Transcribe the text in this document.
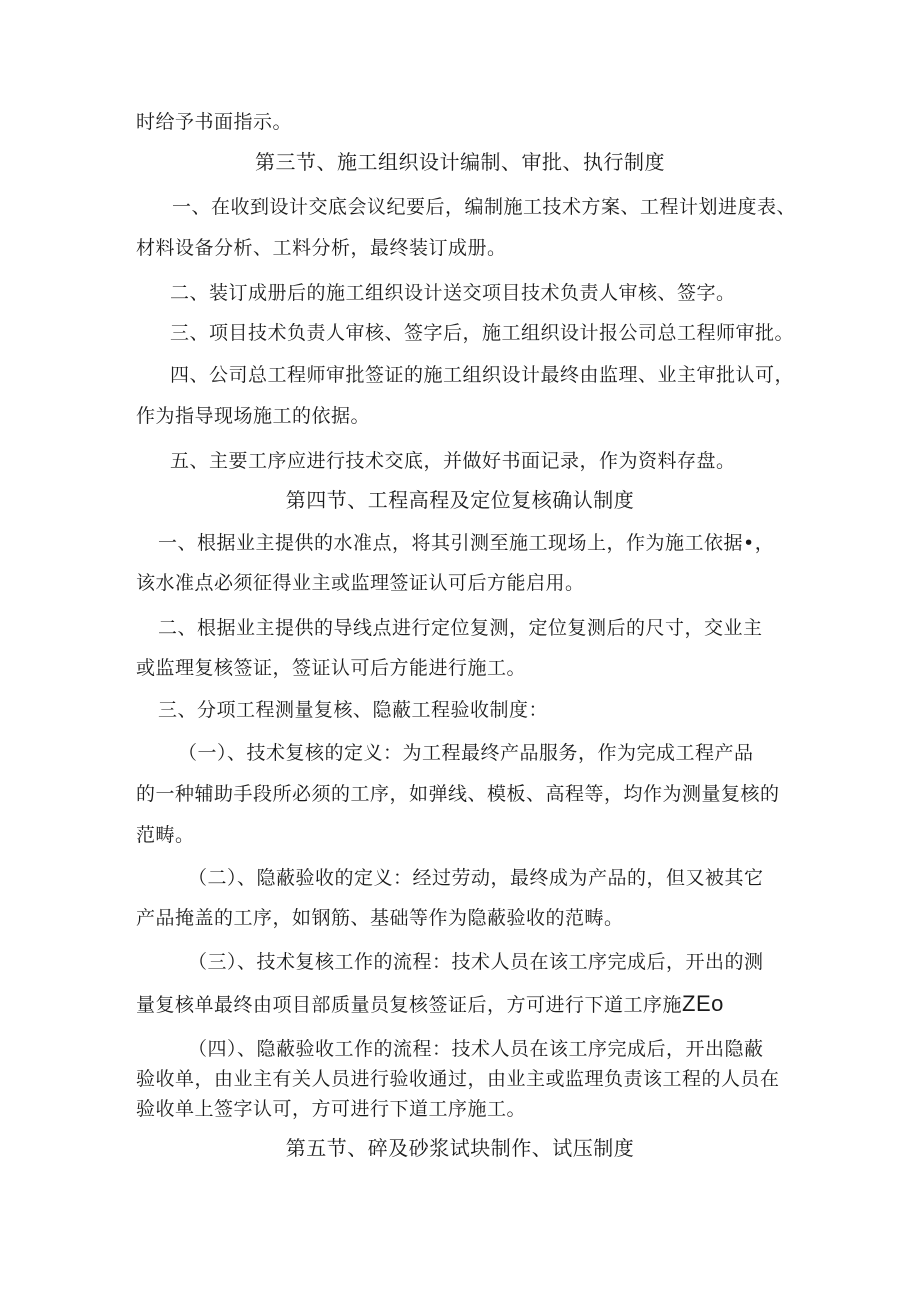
时给予书面指示。
第三节、施工组织设计编制、审批、执行制度
一、在收到设计交底会议纪要后，编制施工技术方案、工程计划进度表、
材料设备分析、工料分析，最终装订成册。
二、装订成册后的施工组织设计送交项目技术负责人审核、签字。
三、项目技术负责人审核、签字后，施工组织设计报公司总工程师审批。
四、公司总工程师审批签证的施工组织设计最终由监理、业主审批认可，
作为指导现场施工的依据。
五、主要工序应进行技术交底，并做好书面记录，作为资料存盘。
第四节、工程高程及定位复核确认制度
一、根据业主提供的水准点，将其引测至施工现场上，作为施工依据•，
该水准点必须征得业主或监理签证认可后方能启用。
二、根据业主提供的导线点进行定位复测，定位复测后的尺寸，交业主
或监理复核签证，签证认可后方能进行施工。
三、分项工程测量复核、隐蔽工程验收制度：
（一）、技术复核的定义：为工程最终产品服务，作为完成工程产品
的一种辅助手段所必须的工序，如弹线、模板、高程等，均作为测量复核的
范畴。
（二）、隐蔽验收的定义：经过劳动，最终成为产品的，但又被其它
产品掩盖的工序，如钢筋、基础等作为隐蔽验收的范畴。
（三）、技术复核工作的流程：技术人员在该工序完成后，开出的测
量复核单最终由项目部质量员复核签证后，方可进行下道工序施ZEo
（四）、隐蔽验收工作的流程：技术人员在该工序完成后，开出隐蔽
验收单，由业主有关人员进行验收通过，由业主或监理负责该工程的人员在
验收单上签字认可，方可进行下道工序施工。
第五节、碎及砂浆试块制作、试压制度
